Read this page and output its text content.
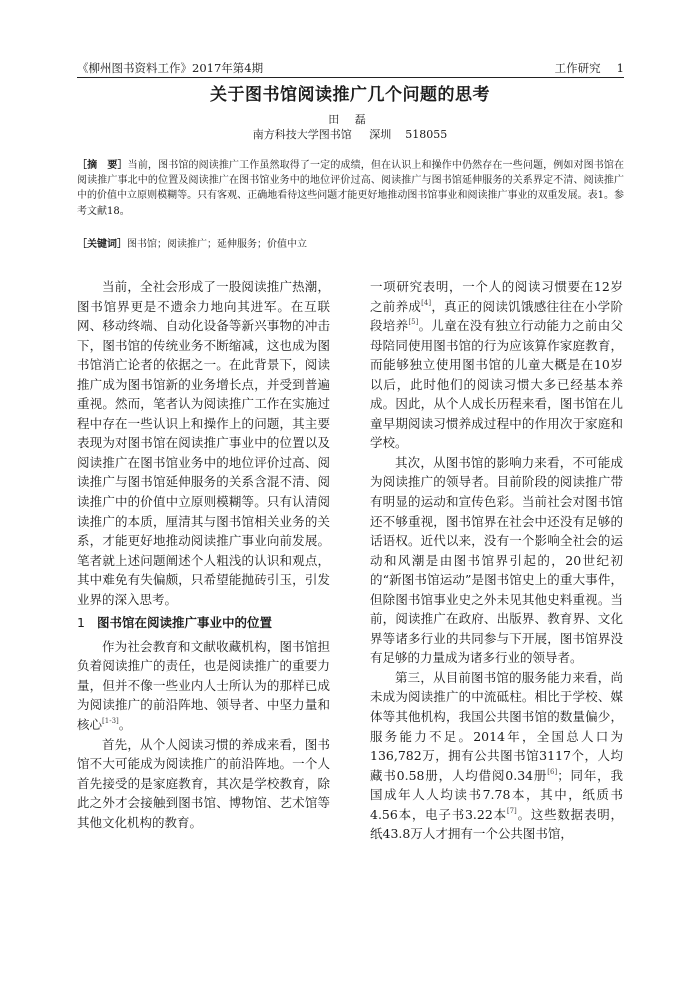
《柳州图书资料工作》2017年第4期	工作研究 1
关于图书馆阅读推广几个问题的思考
田 磊
南方科技大学图书馆     深圳    518055
［摘　要］当前，图书馆的阅读推广工作虽然取得了一定的成绩，但在认识上和操作中仍然存在一些问题，例如对图书馆在阅读推广事北中的位置及阅读推广在图书馆业务中的地位评价过高、阅读推广与图书馆延伸服务的关系界定不清、阅读推广中的价值中立原则模糊等。只有客观、正确地看待这些问题才能更好地推动图书馆事业和阅读推广事业的双重发展。表1。参考文献18。
［关键词］图书馆；阅读推广；延伸服务；价值中立

当前，全社会形成了一股阅读推广热潮，图书馆界更是不遗余力地向其进军。在互联网、移动终端、自动化设备等新兴事物的冲击下，图书馆的传统业务不断缩减，这也成为图书馆消亡论者的依据之一。在此背景下，阅读推广成为图书馆新的业务增长点，并受到普遍重视。然而，笔者认为阅读推广工作在实施过程中存在一些认识上和操作上的问题，其主要表现为对图书馆在阅读推广事业中的位置以及阅读推广在图书馆业务中的地位评价过高、阅读推广与图书馆延伸服务的关系含混不清、阅读推广中的价值中立原则模糊等。只有认清阅读推广的本质，厘清其与图书馆相关业务的关系，才能更好地推动阅读推广事业向前发展。笔者就上述问题阐述个人粗浅的认识和观点，其中难免有失偏颇，只希望能抛砖引玉，引发业界的深入思考。

1 图书馆在阅读推广事业中的位置

作为社会教育和文献收藏机构，图书馆担负着阅读推广的责任，也是阅读推广的重要力量，但并不像一些业内人士所认为的那样已成为阅读推广的前沿阵地、领导者、中坚力量和核心[1-3]。

首先，从个人阅读习惯的养成来看，图书馆不大可能成为阅读推广的前沿阵地。一个人首先接受的是家庭教育，其次是学校教育，除此之外才会接触到图书馆、博物馆、艺术馆等其他文化机构的教育。

一项研究表明，一个人的阅读习惯要在12岁之前养成[4]，真正的阅读饥饿感往往在小学阶段培养[5]。儿童在没有独立行动能力之前由父母陪同使用图书馆的行为应该算作家庭教育，而能够独立使用图书馆的儿童大概是在10岁以后，此时他们的阅读习惯大多已经基本养成。因此，从个人成长历程来看，图书馆在儿童早期阅读习惯养成过程中的作用次于家庭和学校。

其次，从图书馆的影响力来看，不可能成为阅读推广的领导者。目前阶段的阅读推广带有明显的运动和宣传色彩。当前社会对图书馆还不够重视，图书馆界在社会中还没有足够的话语权。近代以来，没有一个影响全社会的运动和风潮是由图书馆界引起的，20世纪初的“新图书馆运动”是图书馆史上的重大事件，但除图书馆事业史之外未见其他史料重视。当前，阅读推广在政府、出版界、教育界、文化界等诸多行业的共同参与下开展，图书馆界没有足够的力量成为诸多行业的领导者。

第三，从目前图书馆的服务能力来看，尚未成为阅读推广的中流砥柱。相比于学校、媒体等其他机构，我国公共图书馆的数量偏少，服务能力不足。2014年，全国总人口为136,782万，拥有公共图书馆3117个，人均藏书0.58册，人均借阅0.34册[6]；同年，我国成年人人均读书7.78本，其中，纸质书4.56本，电子书3.22本[7]。这些数据表明，纸43.8万人才拥有一个公共图书馆，
